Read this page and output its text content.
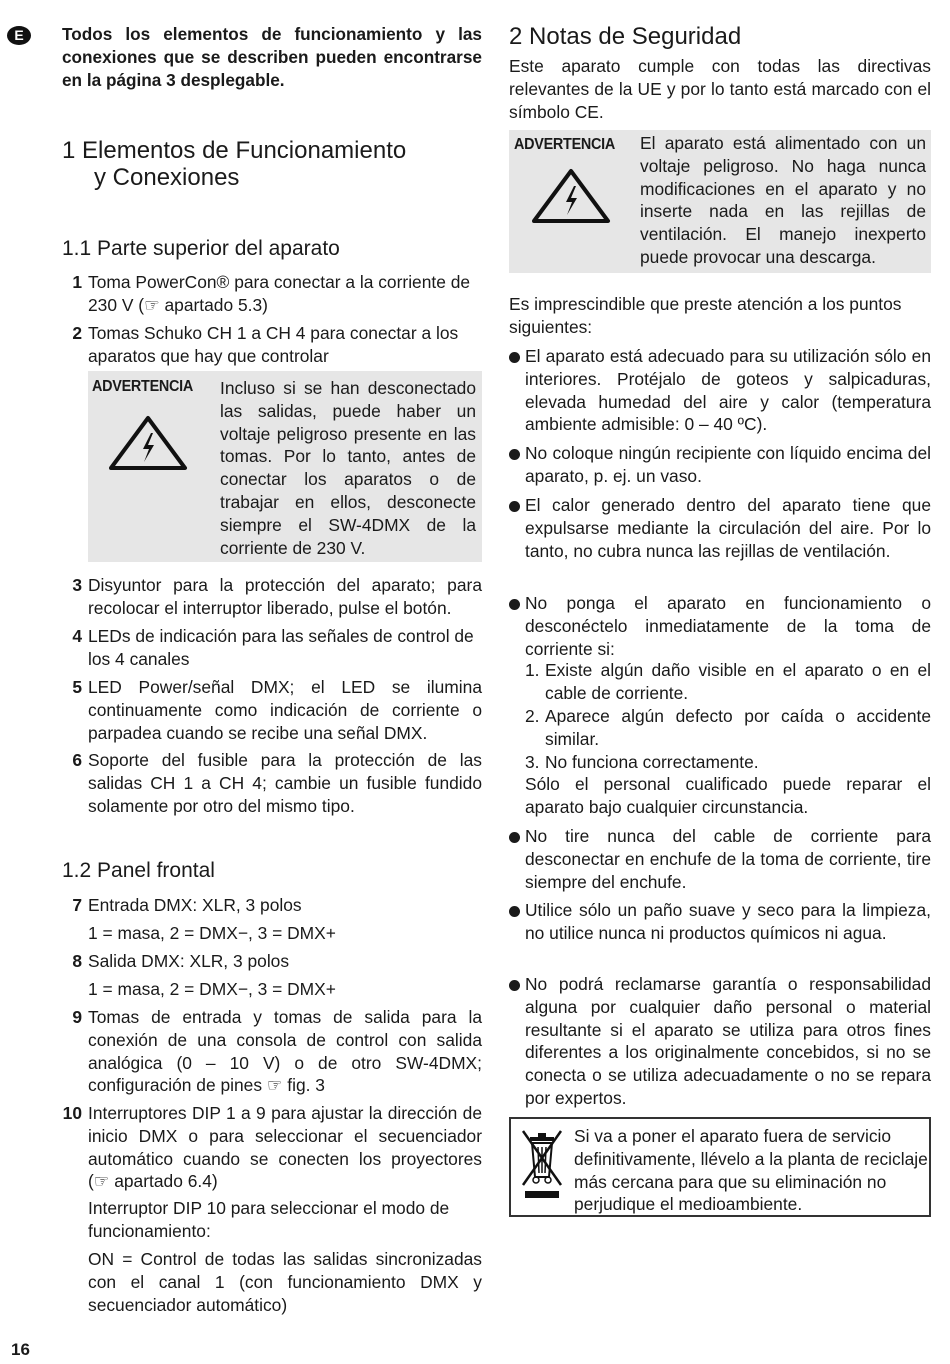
E	Todos los elementos de funcionamiento y las conexiones que se describen pueden encontrarse en la página 3 desplegable.
1 Elementos de Funcionamiento
y Conexiones
1.1 Parte superior del aparato
1 Toma PowerCon® para conectar a la corriente de 230 V (☞ apartado 5.3)
2 Tomas Schuko CH 1 a CH 4 para conectar a los aparatos que hay que controlar
ADVERTENCIA Incluso si se han desconectado las salidas, puede haber un voltaje peligroso presente en las tomas. Por lo tanto, antes de conectar los aparatos o de trabajar en ellos, desconecte siempre el SW-4DMX de la corriente de 230 V.
3 Disyuntor para la protección del aparato; para recolocar el interruptor liberado, pulse el botón.
4 LEDs de indicación para las señales de control de los 4 canales
5 LED Power/señal DMX; el LED se ilumina continuamente como indicación de corriente o parpadea cuando se recibe una señal DMX.
6 Soporte del fusible para la protección de las salidas CH 1 a CH 4; cambie un fusible fundido solamente por otro del mismo tipo.
1.2 Panel frontal
7 Entrada DMX: XLR, 3 polos
1 = masa, 2 = DMX−, 3 = DMX+
8 Salida DMX: XLR, 3 polos
1 = masa, 2 = DMX−, 3 = DMX+
9 Tomas de entrada y tomas de salida para la conexión de una consola de control con salida analógica (0 – 10 V) o de otro SW-4DMX; configuración de pines ☞ fig. 3
10 Interruptores DIP 1 a 9 para ajustar la dirección de inicio DMX o para seleccionar el secuenciador automático cuando se conecten los proyectores (☞ apartado 6.4)
Interruptor DIP 10 para seleccionar el modo de funcionamiento:
ON = Control de todas las salidas sincronizadas con el canal 1 (con funcionamiento DMX y secuenciador automático)
2 Notas de Seguridad
Este aparato cumple con todas las directivas relevantes de la UE y por lo tanto está marcado con el símbolo CE.
ADVERTENCIA El aparato está alimentado con un voltaje peligroso. No haga nunca modificaciones en el aparato y no inserte nada en las rejillas de ventilación. El manejo inexperto puede provocar una descarga.
Es imprescindible que preste atención a los puntos siguientes:
El aparato está adecuado para su utilización sólo en interiores. Protéjalo de goteos y salpicaduras, elevada humedad del aire y calor (temperatura ambiente admisible: 0 – 40 ºC).
No coloque ningún recipiente con líquido encima del aparato, p. ej. un vaso.
El calor generado dentro del aparato tiene que expulsarse mediante la circulación del aire. Por lo tanto, no cubra nunca las rejillas de ventilación.
No ponga el aparato en funcionamiento o desconéctelo inmediatamente de la toma de corriente si:
1. Existe algún daño visible en el aparato o en el cable de corriente.
2. Aparece algún defecto por caída o accidente similar.
3. No funciona correctamente.
Sólo el personal cualificado puede reparar el aparato bajo cualquier circunstancia.
No tire nunca del cable de corriente para desconectar en enchufe de la toma de corriente, tire siempre del enchufe.
Utilice sólo un paño suave y seco para la limpieza, no utilice nunca ni productos químicos ni agua.
No podrá reclamarse garantía o responsabilidad alguna por cualquier daño personal o material resultante si el aparato se utiliza para otros fines diferentes a los originalmente concebidos, si no se conecta o se utiliza adecuadamente o no se repara por expertos.
Si va a poner el aparato fuera de servicio definitivamente, llévelo a la planta de reciclaje más cercana para que su eliminación no perjudique el medioambiente.
16
